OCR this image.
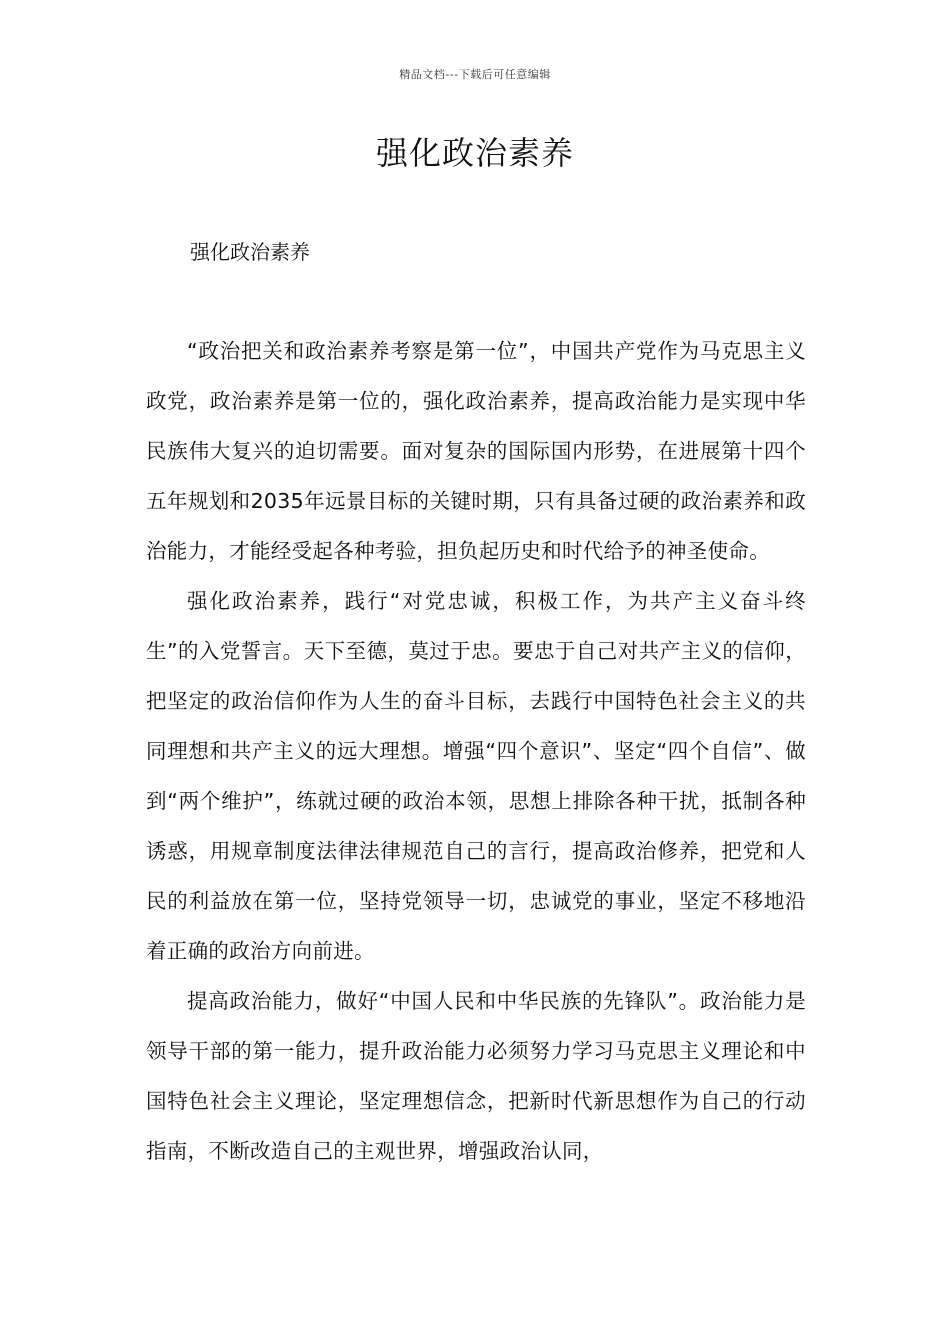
精品文档---下载后可任意编辑
强化政治素养
强化政治素养

“政治把关和政治素养考察是第一位”，中国共产党作为马克思主义政党，政治素养是第一位的，强化政治素养，提高政治能力是实现中华民族伟大复兴的迫切需要。面对复杂的国际国内形势，在进展第十四个五年规划和2035年远景目标的关键时期，只有具备过硬的政治素养和政治能力，才能经受起各种考验，担负起历史和时代给予的神圣使命。

强化政治素养，践行“对党忠诚，积极工作，为共产主义奋斗终生”的入党誓言。天下至德，莫过于忠。要忠于自己对共产主义的信仰，把坚定的政治信仰作为人生的奋斗目标，去践行中国特色社会主义的共同理想和共产主义的远大理想。增强“四个意识”、坚定“四个自信”、做到“两个维护”，练就过硬的政治本领，思想上排除各种干扰，抵制各种诱惑，用规章制度法律法律规范自己的言行，提高政治修养，把党和人民的利益放在第一位，坚持党领导一切，忠诚党的事业，坚定不移地沿着正确的政治方向前进。

提高政治能力，做好“中国人民和中华民族的先锋队”。政治能力是领导干部的第一能力，提升政治能力必须努力学习马克思主义理论和中国特色社会主义理论，坚定理想信念，把新时代新思想作为自己的行动指南，不断改造自己的主观世界，增强政治认同，
